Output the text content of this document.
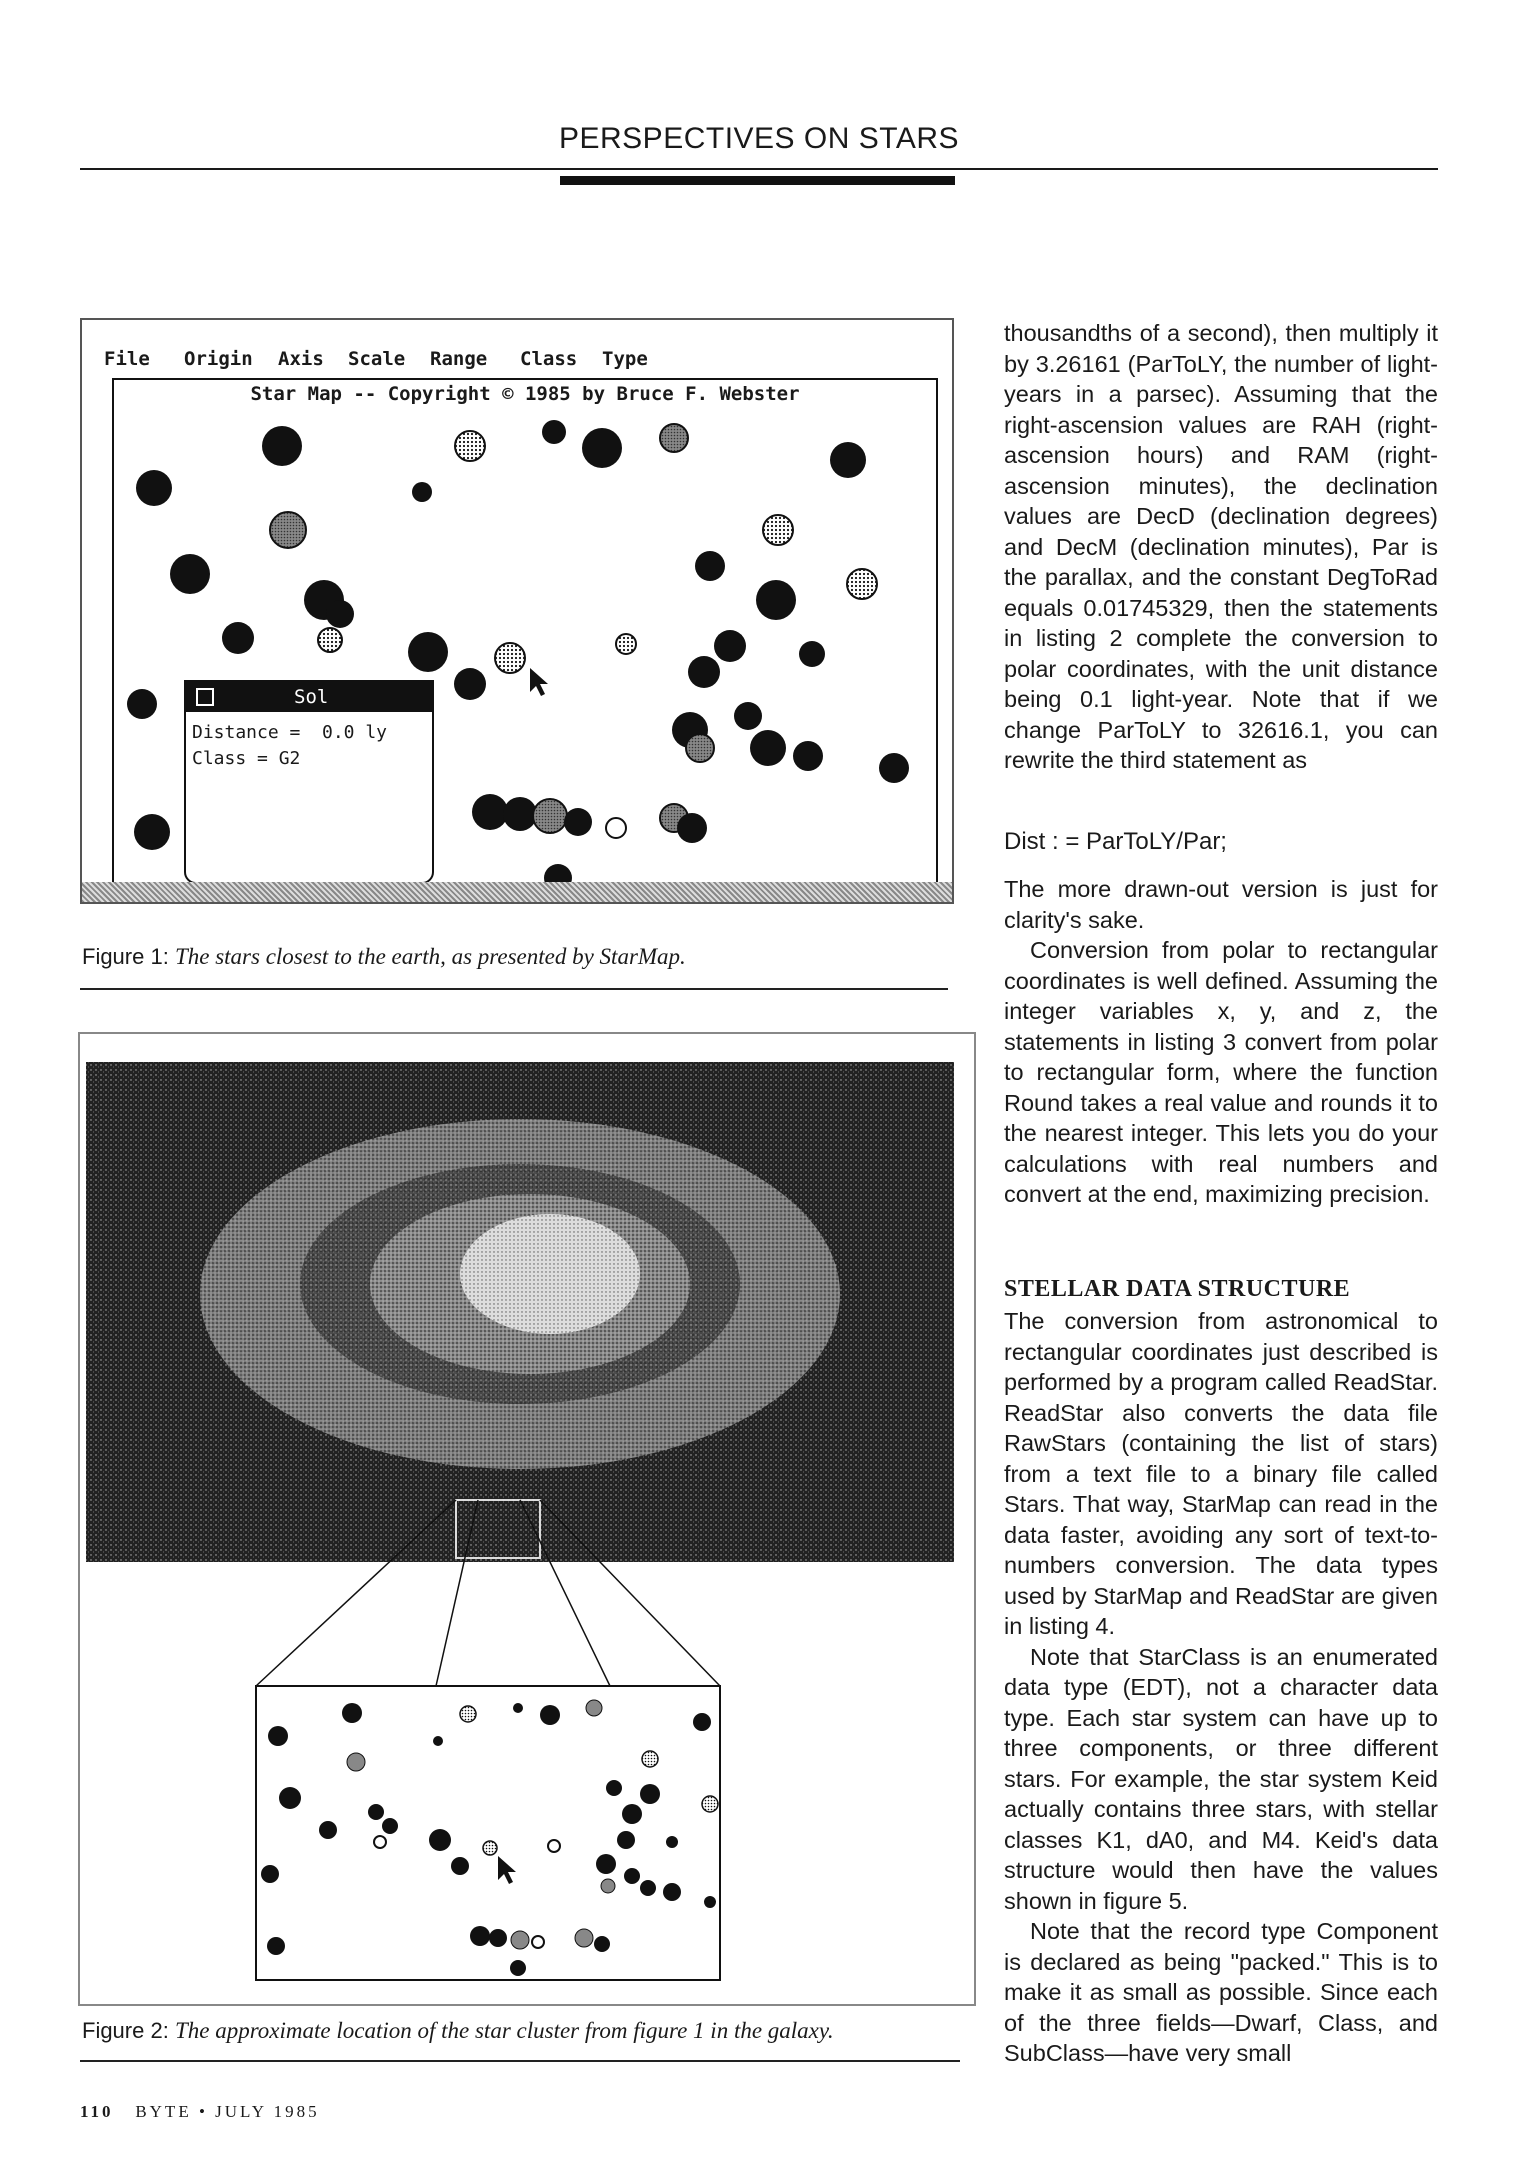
PERSPECTIVES ON STARS
File Origin Axis Scale Range Class Type
Star Map -- Copyright © 1985 by Bruce F. Webster
Sol
Distance = 0.0 ly
Class = G2
Figure 1: The stars closest to the earth, as presented by StarMap.
Figure 2: The approximate location of the star cluster from figure 1 in the galaxy.

thousandths of a second), then multiply it by 3.26161 (ParToLY, the number of light-years in a parsec). Assuming that the right-ascension values are RAH (right-ascension hours) and RAM (right-ascension minutes), the declination values are DecD (declination degrees) and DecM (declination minutes), Par is the parallax, and the constant DegToRad equals 0.01745329, then the statements in listing 2 complete the conversion to polar coordinates, with the unit distance being 0.1 light-year. Note that if we change ParToLY to 32616.1, you can rewrite the third statement as

Dist : = ParToLY/Par;

The more drawn-out version is just for clarity's sake.

Conversion from polar to rectangular coordinates is well defined. Assuming the integer variables x, y, and z, the statements in listing 3 convert from polar to rectangular form, where the function Round takes a real value and rounds it to the nearest integer. This lets you do your calculations with real numbers and convert at the end, maximizing precision.

STELLAR DATA STRUCTURE

The conversion from astronomical to rectangular coordinates just described is performed by a program called ReadStar. ReadStar also converts the data file RawStars (containing the list of stars) from a text file to a binary file called Stars. That way, StarMap can read in the data faster, avoiding any sort of text-to-numbers conversion. The data types used by StarMap and ReadStar are given in listing 4.

Note that StarClass is an enumerated data type (EDT), not a character data type. Each star system can have up to three components, or three different stars. For example, the star system Keid actually contains three stars, with stellar classes K1, dA0, and M4. Keid's data structure would then have the values shown in figure 5.

Note that the record type Component is declared as being "packed." This is to make it as small as possible. Since each of the three fields—Dwarf, Class, and SubClass—have very small

110 BYTE • JULY 1985
